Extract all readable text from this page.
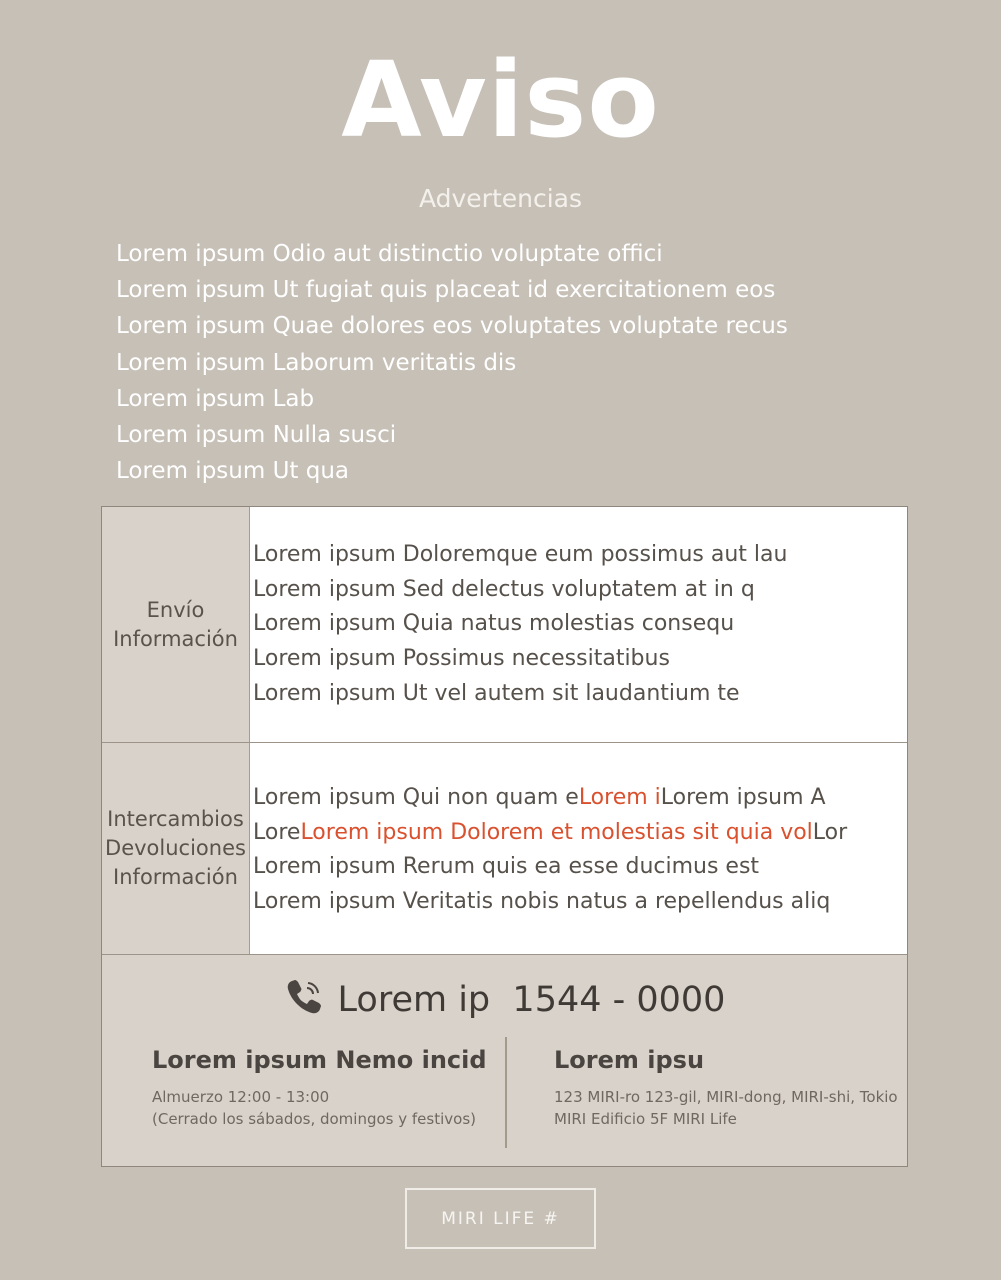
Aviso
Advertencias
Lorem ipsum Odio aut distinctio voluptate offici
Lorem ipsum Ut fugiat quis placeat id exercitationem eos
Lorem ipsum Quae dolores eos voluptates voluptate recus
Lorem ipsum Laborum veritatis dis
Lorem ipsum Lab
Lorem ipsum Nulla susci
Lorem ipsum Ut qua
Envío
Información
Lorem ipsum Doloremque eum possimus aut lau
Lorem ipsum Sed delectus voluptatem at in q
Lorem ipsum Quia natus molestias consequ
Lorem ipsum Possimus necessitatibus
Lorem ipsum Ut vel autem sit laudantium te
Intercambios
Devoluciones
Información
Lorem ipsum Qui non quam eLorem iLorem ipsum A
LoreLorem ipsum Dolorem et molestias sit quia volLor
Lorem ipsum Rerum quis ea esse ducimus est
Lorem ipsum Veritatis nobis natus a repellendus aliq
Lorem ip 1544 - 0000
Lorem ipsum Nemo incid
Almuerzo 12:00 - 13:00
(Cerrado los sábados, domingos y festivos)
Lorem ipsu
123 MIRI-ro 123-gil, MIRI-dong, MIRI-shi, Tokio
MIRI Edificio 5F MIRI Life
MIRI LIFE #
